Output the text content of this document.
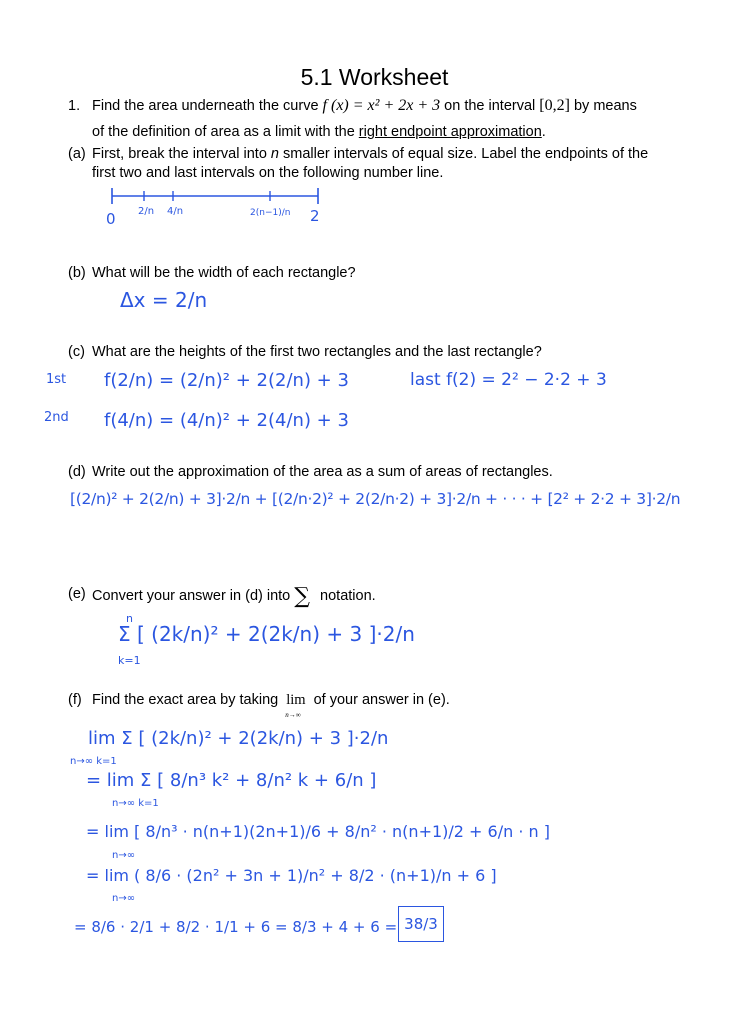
5.1 Worksheet
1. Find the area underneath the curve f (x) = x² + 2x + 3 on the interval [0,2] by means
of the definition of area as a limit with the right endpoint approximation.
(a) First, break the interval into n smaller intervals of equal size. Label the endpoints of the
first two and last intervals on the following number line.
0 2/n 4/n	2(n−1)/n 2
(b) What will be the width of each rectangle?
Δx = 2/n
(c) What are the heights of the first two rectangles and the last rectangle?
1st f(2/n) = (2/n)² + 2(2/n) + 3	last f(2) = 2² − 2·2 + 3
2nd f(4/n) = (4/n)² + 2(4/n) + 3
(d) Write out the approximation of the area as a sum of areas of rectangles.
[(2/n)² + 2(2/n) + 3]·2/n + [(2/n·2)² + 2(2/n·2) + 3]·2/n + · · · + [2² + 2·2 + 3]·2/n
(e) Convert your answer in (d) into ∑ notation.
n
Σ [ (2k/n)² + 2(2k/n) + 3 ]·2/n
k=1
(f) Find the exact area by taking lim
n→∞
of your answer in (e).
lim Σ [ (2k/n)² + 2(2k/n) + 3 ]·2/n
n→∞ k=1
= lim Σ [ 8/n³ k² + 8/n² k + 6/n ]
n→∞ k=1
= lim [ 8/n³ · n(n+1)(2n+1)/6 + 8/n² · n(n+1)/2 + 6/n · n ]
n→∞
= lim ( 8/6 · (2n² + 3n + 1)/n² + 8/2 · (n+1)/n + 6 ]
n→∞
= 8/6 · 2/1 + 8/2 · 1/1 + 6 = 8/3 + 4 + 6 = 38/3
